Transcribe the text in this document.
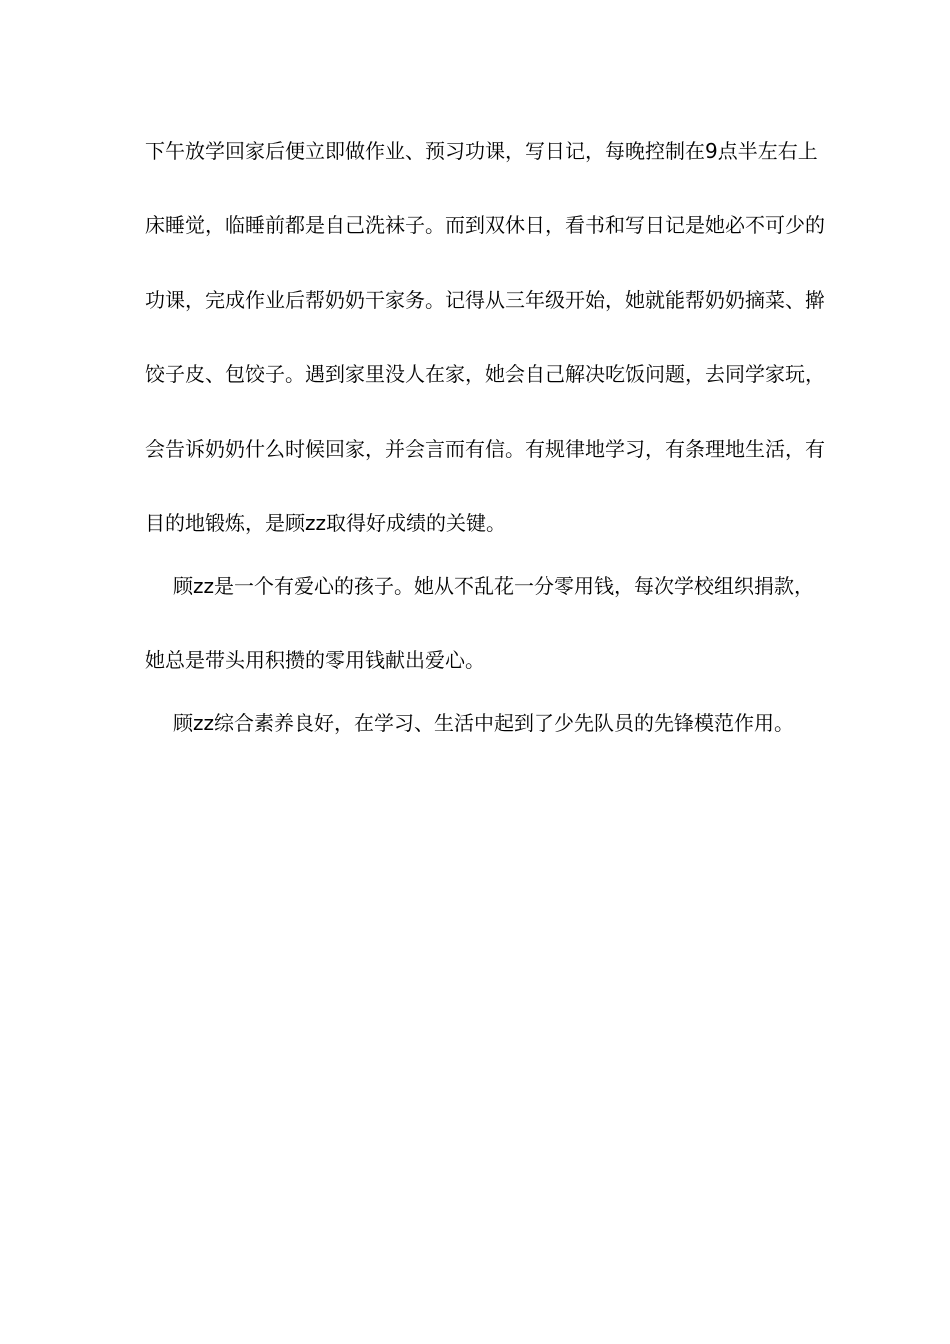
下午放学回家后便立即做作业、预习功课，写日记，每晚控制在9点半左右上
床睡觉，临睡前都是自己洗袜子。而到双休日，看书和写日记是她必不可少的
功课，完成作业后帮奶奶干家务。记得从三年级开始，她就能帮奶奶摘菜、擀
饺子皮、包饺子。遇到家里没人在家，她会自己解决吃饭问题，去同学家玩，
会告诉奶奶什么时候回家，并会言而有信。有规律地学习，有条理地生活，有
目的地锻炼，是顾zz取得好成绩的关键。
顾zz是一个有爱心的孩子。她从不乱花一分零用钱，每次学校组织捐款，
她总是带头用积攒的零用钱献出爱心。
顾zz综合素养良好，在学习、生活中起到了少先队员的先锋模范作用。
